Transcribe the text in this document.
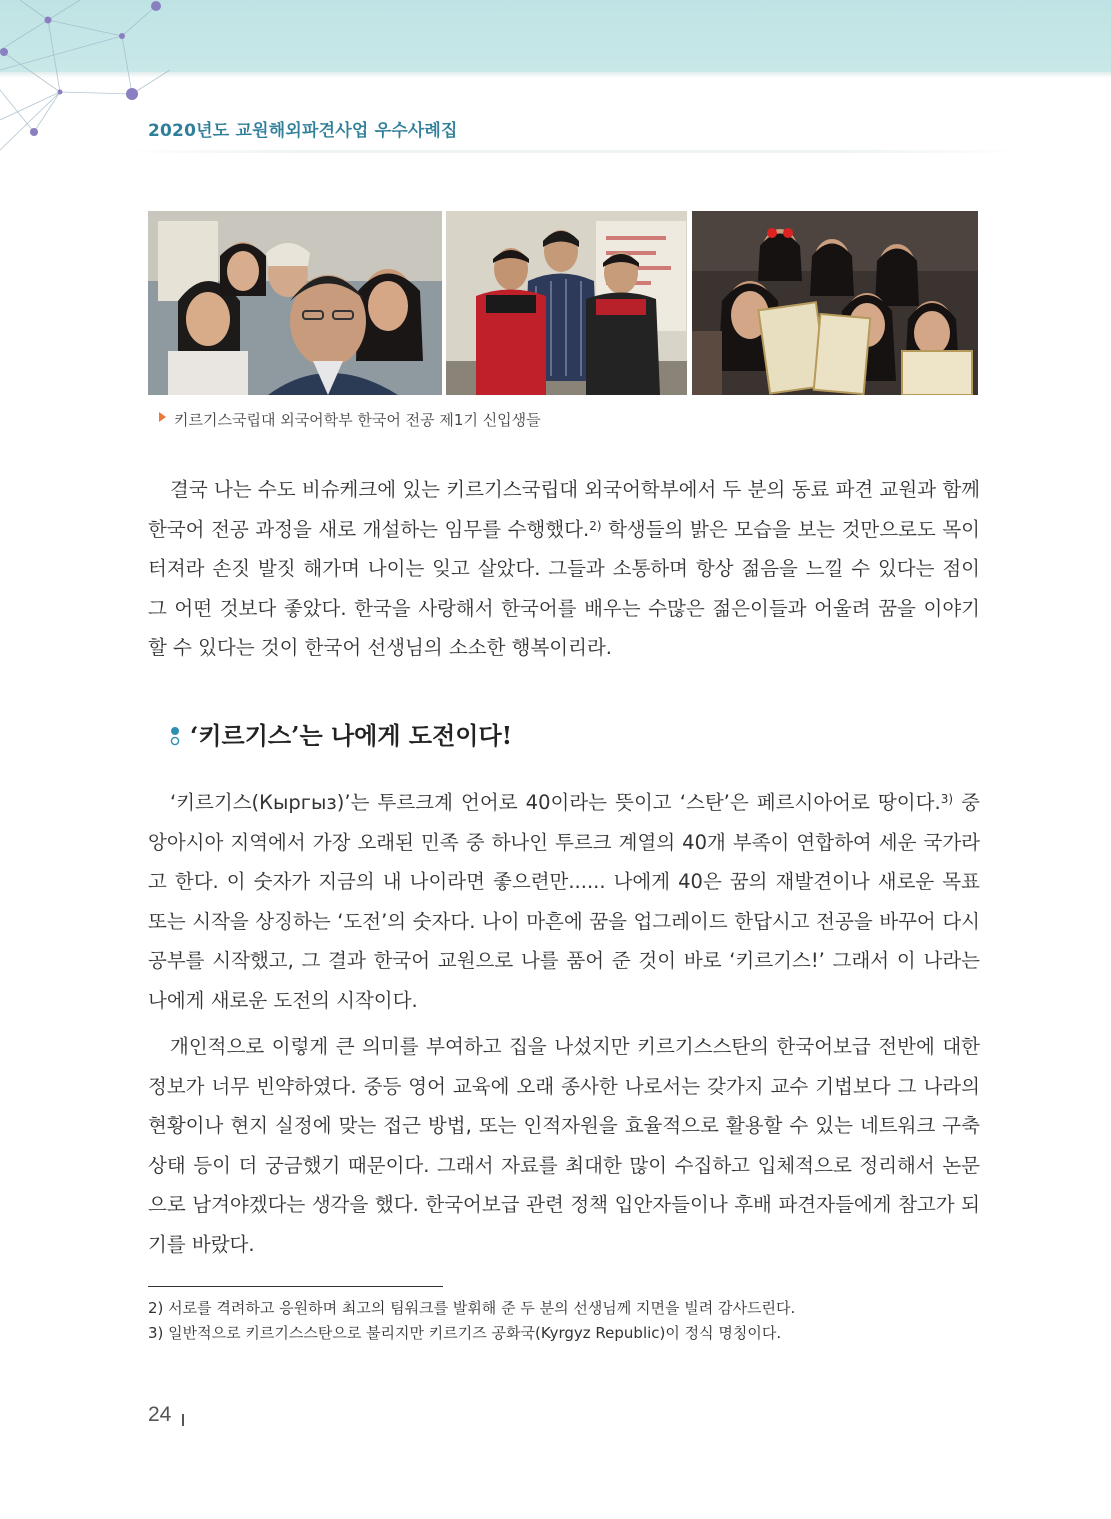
2020년도 교원해외파견사업 우수사례집
키르기스국립대 외국어학부 한국어 전공 제1기 신입생들

결국 나는 수도 비슈케크에 있는 키르기스국립대 외국어학부에서 두 분의 동료 파견 교원과 함께 한국어 전공 과정을 새로 개설하는 임무를 수행했다.$^{2)}$ 학생들의 밝은 모습을 보는 것만으로도 목이 터져라 손짓 발짓 해가며 나이는 잊고 살았다. 그들과 소통하며 항상 젊음을 느낄 수 있다는 점이 그 어떤 것보다 좋았다. 한국을 사랑해서 한국어를 배우는 수많은 젊은이들과 어울려 꿈을 이야기 할 수 있다는 것이 한국어 선생님의 소소한 행복이리라.

‘키르기스’는 나에게 도전이다!

‘키르기스(Кыргыз)’는 투르크계 언어로 40이라는 뜻이고 ‘스탄’은 페르시아어로 땅이다.$^{3)}$ 중앙아시아 지역에서 가장 오래된 민족 중 하나인 투르크 계열의 40개 부족이 연합하여 세운 국가라고 한다. 이 숫자가 지금의 내 나이라면 좋으련만...... 나에게 40은 꿈의 재발견이나 새로운 목표 또는 시작을 상징하는 ‘도전’의 숫자다. 나이 마흔에 꿈을 업그레이드 한답시고 전공을 바꾸어 다시 공부를 시작했고, 그 결과 한국어 교원으로 나를 품어 준 것이 바로 ‘키르기스!’ 그래서 이 나라는 나에게 새로운 도전의 시작이다.

개인적으로 이렇게 큰 의미를 부여하고 집을 나섰지만 키르기스스탄의 한국어보급 전반에 대한 정보가 너무 빈약하였다. 중등 영어 교육에 오래 종사한 나로서는 갖가지 교수 기법보다 그 나라의 현황이나 현지 실정에 맞는 접근 방법, 또는 인적자원을 효율적으로 활용할 수 있는 네트워크 구축 상태 등이 더 궁금했기 때문이다. 그래서 자료를 최대한 많이 수집하고 입체적으로 정리해서 논문으로 남겨야겠다는 생각을 했다. 한국어보급 관련 정책 입안자들이나 후배 파견자들에게 참고가 되기를 바랐다.

2) 서로를 격려하고 응원하며 최고의 팀워크를 발휘해 준 두 분의 선생님께 지면을 빌려 감사드린다.
3) 일반적으로 키르기스스탄으로 불리지만 키르기즈 공화국(Kyrgyz Republic)이 정식 명칭이다.
24
